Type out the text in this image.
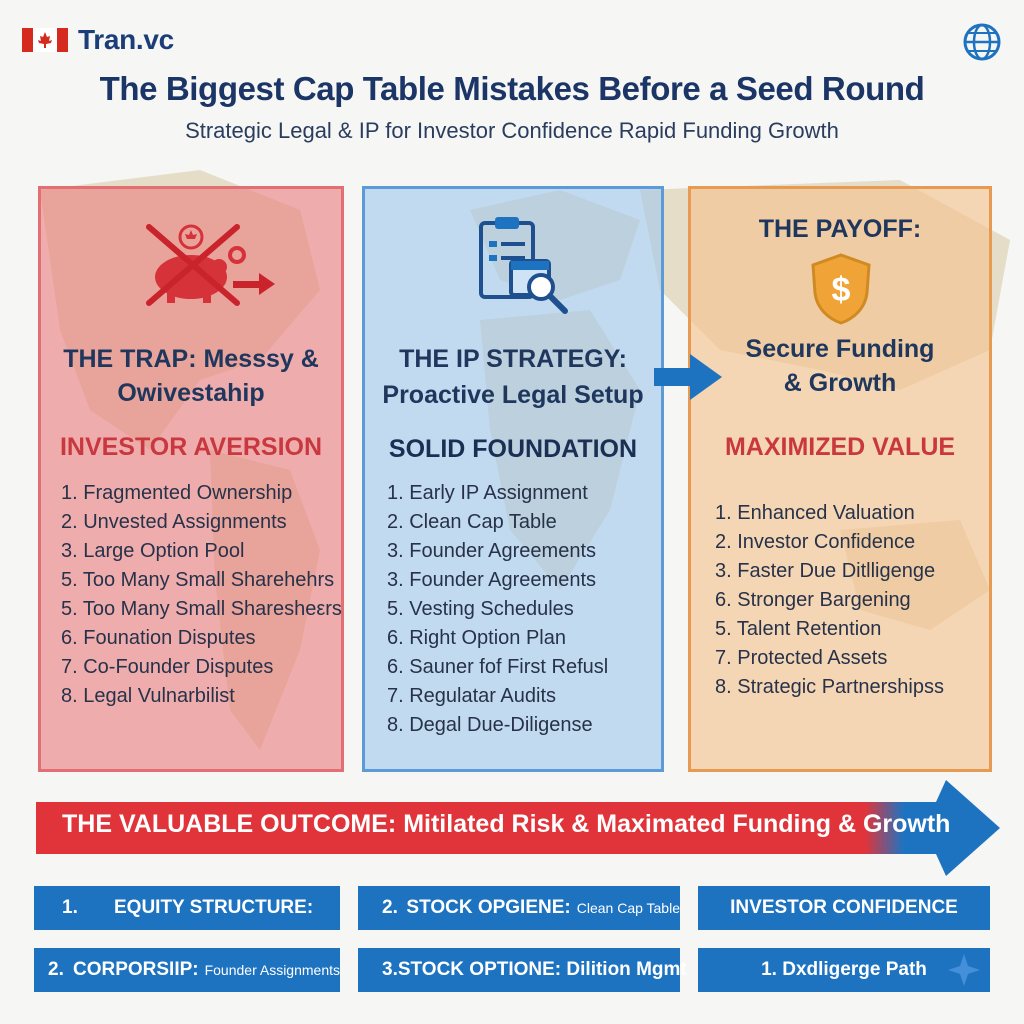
Tran.vc
The Biggest Cap Table Mistakes Before a Seed Round
Strategic Legal & IP for Investor Confidence Rapid Funding Growth
THE TRAP: Messsy &
Owivestahip
INVESTOR AVERSION
1. Fragmented Ownership
2. Unvested Assignments
3. Large Option Pool
5. Too Many Small Sharehehrs
5. Too Many Small Sharesheεrs
6. Founation Disputes
7. Co-Founder Disputes
8. Legal Vulnarbilist
THE IP STRATEGY:
Proactive Legal Setup
SOLID FOUNDATION
1. Early IP Assignment
2. Clean Cap Table
3. Founder Agreements
3. Founder Agreements
5. Vesting Schedules
6. Right Option Plan
6. Sauner fof First Refusl
7. Regulatar Audits
8. Degal Due-Diligense
THE PAYOFF:
$
Secure Funding
& Growth
MAXIMIZED VALUE
1. Enhanced Valuation
2. Investor Confidence
3. Faster Due Ditlligenge
6. Stronger Bargening
5. Talent Retention
7. Protected Assets
8. Strategic Partnershipss
THE VALUABLE OUTCOME: Mitilated Risk & Maximated Funding & Growth
1.	EQUITY STRUCTURE:	2. STOCK OPGIENE: Clean Cap Table	INVESTOR CONFIDENCE
2. CORPORSIIP: Founder Assignments 3. STOCK OPTIONE: Dilition Mgmt	1. Dxdligerge Path
